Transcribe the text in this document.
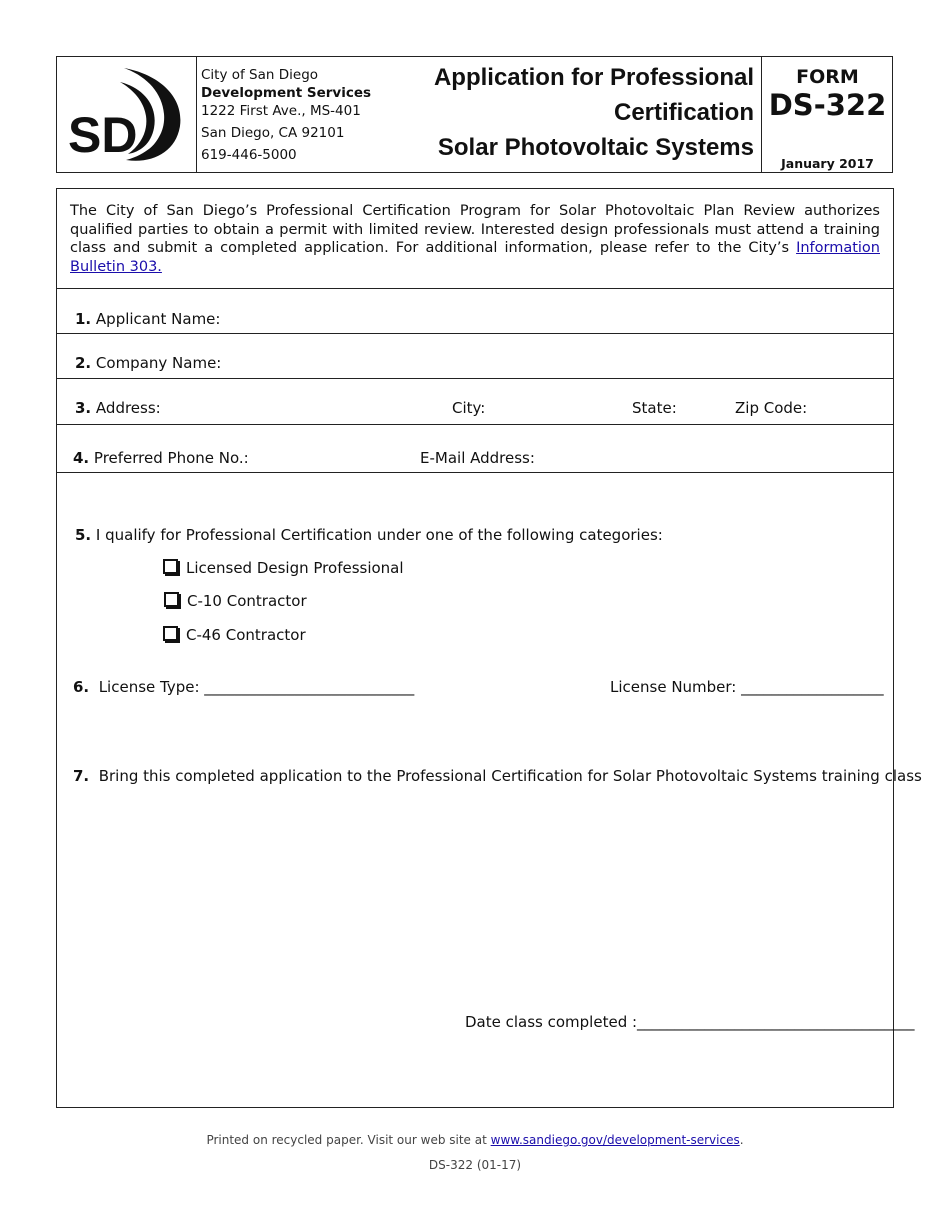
SD
City of San Diego
Development Services
1222 First Ave., MS-401
San Diego, CA 92101
619-446-5000
Application for Professional
Certification
Solar Photovoltaic Systems
FORM
DS-322
January 2017
The City of San Diego’s Professional Certification Program for Solar Photovoltaic Plan Review authorizes qualified parties to obtain a permit with limited review. Interested design professionals must attend a training class and submit a completed application. For additional information, please refer to the City’s Information Bulletin 303.
1. Applicant Name:
2. Company Name:
3. Address:	City:	State:	Zip Code:
4. Preferred Phone No.:	E-Mail Address:
5. I qualify for Professional Certification under one of the following categories:
Licensed Design Professional
C-10 Contractor
C-46 Contractor
6. License Type: ____________________________	License Number: ___________________
7. Bring this completed application to the Professional Certification for Solar Photovoltaic Systems training class
Date class completed :_____________________________________
Printed on recycled paper. Visit our web site at www.sandiego.gov/development-services.
DS-322 (01-17)
